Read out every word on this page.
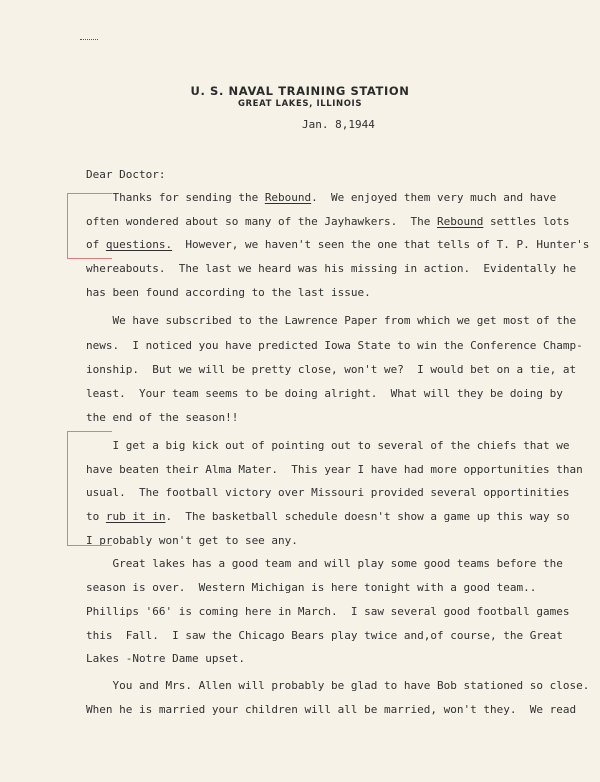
U. S. NAVAL TRAINING STATION
GREAT LAKES, ILLINOIS
Jan. 8,1944
Dear Doctor:
Thanks for sending the Rebound.  We enjoyed them very much and have
often wondered about so many of the Jayhawkers.  The Rebound settles lots
of questions.  However, we haven't seen the one that tells of T. P. Hunter's
whereabouts.  The last we heard was his missing in action.  Evidentally he
has been found according to the last issue.
We have subscribed to the Lawrence Paper from which we get most of the
news.  I noticed you have predicted Iowa State to win the Conference Champ-
ionship.  But we will be pretty close, won't we?  I would bet on a tie, at
least.  Your team seems to be doing alright.  What will they be doing by
the end of the season!!
I get a big kick out of pointing out to several of the chiefs that we
have beaten their Alma Mater.  This year I have had more opportunities than
usual.  The football victory over Missouri provided several opportinities
to rub it in.  The basketball schedule doesn't show a game up this way so
I probably won't get to see any.
Great lakes has a good team and will play some good teams before the
season is over.  Western Michigan is here tonight with a good team..
Phillips '66' is coming here in March.  I saw several good football games
this  Fall.  I saw the Chicago Bears play twice and,of course, the Great
Lakes -Notre Dame upset.
You and Mrs. Allen will probably be glad to have Bob stationed so close.
When he is married your children will all be married, won't they.  We read
